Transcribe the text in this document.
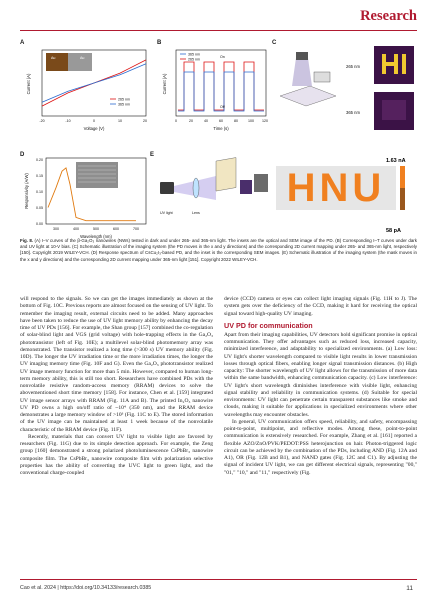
Research
A
Au	Au
265 nm
365 nm
-20	-10	0	10	20
Voltage (V)
Current (A)
B
365 nm
265 nm
On
Off
0	20	40	60	80	100 120
Time (s)
Current (A)
C
265 nm
365 nm
D
0.20
0.15
0.10
0.05
0.00
300	400	500	600	700
Wavelength (nm)
Responsivity (A/W)
E
UV light	Lens
HNU
1.63 nA
58 pA
Fig. 8. (A) I–V curves of the β-Ga₂O₃ nanowires (NWs) tested in dark and under 265- and 365-nm light. The insets are the optical and SEM image of the PD. (B) Corresponding I–T curves under dark and UV light at 10-V bias. (C) Schematic illustration of the imaging system (the PD moves in the x and y directions) and the corresponding 2D current mapping under 265- and 365-nm light, respectively [150]. Copyright 2019 WILEY-VCH. (D) Response spectrum of CsCu₂I₃-based PD, and the inset is the corresponding SEM images. (E) Schematic illustration of the imaging system (the mask moves in the x and y directions) and the corresponding 2D current mapping under 365-nm light [151]. Copyright 2022 WILEY-VCH.

will respond to the signals. So we can get the images immediately as shown at the bottom of Fig. 10C. Previous reports are almost focused on the sensing of UV light. To remember the imaging result, external circuits need to be added. Many approaches have been taken to reduce the use of UV light memory ability by enhancing the decay time of UV PDs [156]. For example, the Shan group [157] combined the co-regulation of solar-blind light and VGS (grid voltage) with hole-trapping effects in the Ga₂O₃ phototransistor (left of Fig. 10E); a multilevel solar-blind photomemory array was demonstrated. The transistor realized a long time (>300 s) UV memory ability (Fig. 10D). The longer the UV irradiation time or the more irradiation times, the longer the UV imaging memory time (Fig. 10F and G). Even the Ga₂O₃ phototransistor realized UV image memory function for more than 5 min. However, compared to human long-term memory ability, this is still too short. Researchers have combined PDs with the nonvolatile resistive random-access memory (RRAM) devices to solve the abovementioned short time memory [158]. For instance, Chen et al. [159] integrated UV image sensor arrays with RRAM (Fig. 11A and B). The printed In₂O₃ nanowire UV PD owns a high on/off ratio of ~10⁴ (350 nm), and the RRAM device demonstrates a large memory window of >10³ (Fig. 11C to E). The stored information of the UV image can be maintained at least 1 week because of the nonvolatile characteristic of the RRAM device (Fig. 11F).

Recently, materials that can convert UV light to visible light are favored by researchers (Fig. 11G) due to its simple detection approach. For example, the Zeng group [160] demonstrated a strong polarized photoluminescence CsPbBr₃ nanowire composite film. The CsPbBr₃ nanowire composite film with polarization selective properties has the ability of converting the UVC light to green light, and the conventional charge-coupled

device (CCD) camera or eyes can collect light imaging signals (Fig. 11H to J). The system gets over the deficiency of the CCD, making it hard for receiving the optical signal toward high-quality UV imaging.

UV PD for communication

Apart from their imaging capabilities, UV detectors hold significant promise in optical communication. They offer advantages such as reduced loss, increased capacity, minimized interference, and adaptability to specialized environments. (a) Low loss: UV light's shorter wavelength compared to visible light results in lower transmission losses through optical fibers, enabling longer signal transmission distances. (b) High capacity: The shorter wavelength of UV light allows for the transmission of more data within the same bandwidth, enhancing communication capacity. (c) Low interference: UV light's short wavelength diminishes interference with visible light, enhancing signal stability and reliability in communication systems. (d) Suitable for special environments: UV light can penetrate certain transparent substances like smoke and clouds, making it suitable for applications in specialized environments where other wavelengths may encounter obstacles.

In general, UV communication offers speed, reliability, and safety, encompassing point-to-point, multipoint, and reflective modes. Among these, point-to-point communication is extensively researched. For example, Zhang et al. [161] reported a flexible AZO/ZnO/PVK/PEDOT:PSS heterojunction on hair. Photon-triggered logic circuit can be achieved by the combination of the PDs, including AND (Fig. 12A and A1), OR (Fig. 12B and B1), and NAND gates (Fig. 12C and C1). By adjusting the signal of incident UV light, we can get different electrical signals, representing "00," "01," "10," and "11," respectively (Fig.

Cao et al. 2024 | https://doi.org/10.34133/research.0385	11
